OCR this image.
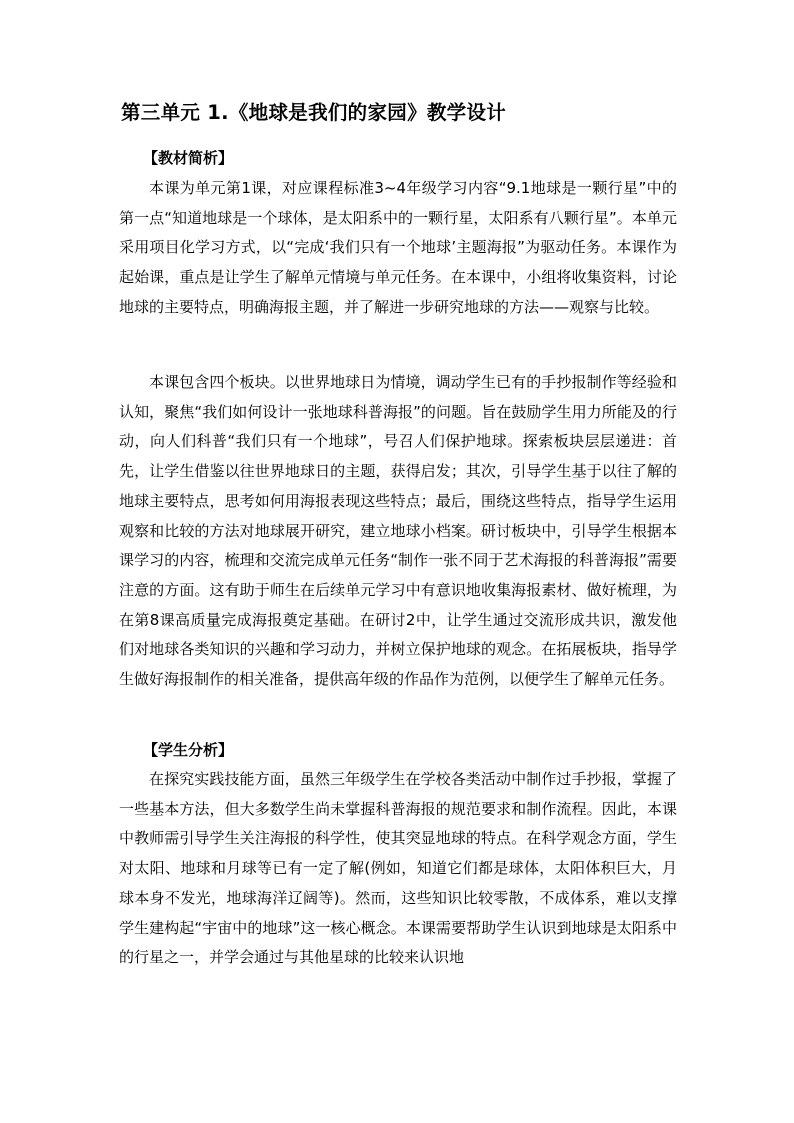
第三单元 1.《地球是我们的家园》教学设计
【教材简析】

本课为单元第1课，对应课程标准3~4年级学习内容“9.1地球是一颗行星”中的第一点“知道地球是一个球体，是太阳系中的一颗行星，太阳系有八颗行星”。本单元采用项目化学习方式，以“完成‘我们只有一个地球’主题海报”为驱动任务。本课作为起始课，重点是让学生了解单元情境与单元任务。在本课中，小组将收集资料，讨论地球的主要特点，明确海报主题，并了解进一步研究地球的方法——观察与比较。

本课包含四个板块。以世界地球日为情境，调动学生已有的手抄报制作等经验和认知，聚焦“我们如何设计一张地球科普海报”的问题。旨在鼓励学生用力所能及的行动，向人们科普“我们只有一个地球”，号召人们保护地球。探索板块层层递进：首先，让学生借鉴以往世界地球日的主题，获得启发；其次，引导学生基于以往了解的地球主要特点，思考如何用海报表现这些特点；最后，围绕这些特点，指导学生运用观察和比较的方法对地球展开研究，建立地球小档案。研讨板块中，引导学生根据本课学习的内容，梳理和交流完成单元任务“制作一张不同于艺术海报的科普海报”需要注意的方面。这有助于师生在后续单元学习中有意识地收集海报素材、做好梳理，为在第8课高质量完成海报奠定基础。在研讨2中，让学生通过交流形成共识，激发他们对地球各类知识的兴趣和学习动力，并树立保护地球的观念。在拓展板块，指导学生做好海报制作的相关准备，提供高年级的作品作为范例，以便学生了解单元任务。

【学生分析】

在探究实践技能方面，虽然三年级学生在学校各类活动中制作过手抄报，掌握了一些基本方法，但大多数学生尚未掌握科普海报的规范要求和制作流程。因此，本课中教师需引导学生关注海报的科学性，使其突显地球的特点。在科学观念方面，学生对太阳、地球和月球等已有一定了解(例如，知道它们都是球体，太阳体积巨大，月球本身不发光，地球海洋辽阔等)。然而，这些知识比较零散，不成体系，难以支撑学生建构起“宇宙中的地球”这一核心概念。本课需要帮助学生认识到地球是太阳系中的行星之一，并学会通过与其他星球的比较来认识地
